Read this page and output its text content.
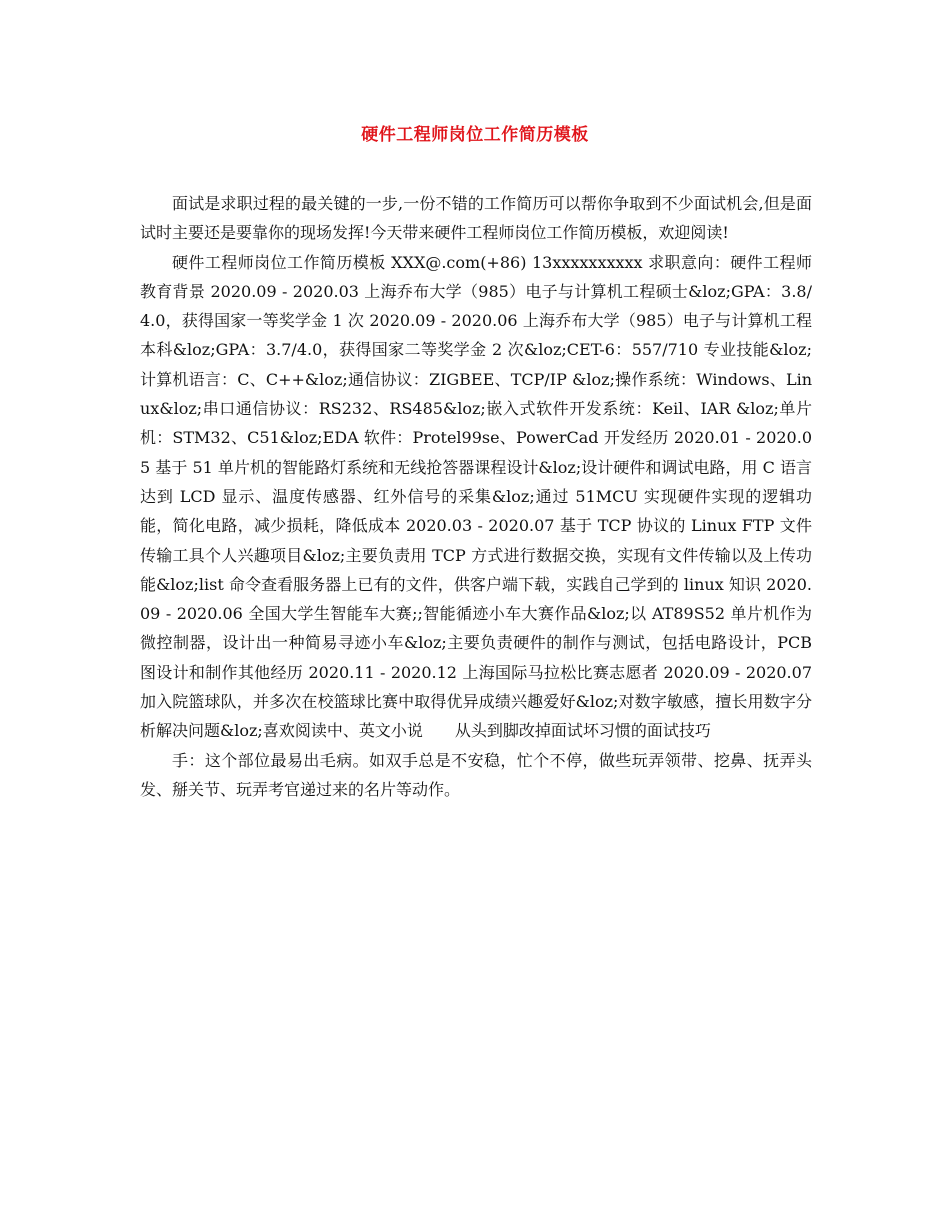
硬件工程师岗位工作简历模板

面试是求职过程的最关键的一步,一份不错的工作简历可以帮你争取到不少面试机会,但是面试时主要还是要靠你的现场发挥!今天带来硬件工程师岗位工作简历模板，欢迎阅读!

硬件工程师岗位工作简历模板 XXX@.com(+86) 13xxxxxxxxxx 求职意向：硬件工程师教育背景 2020.09 - 2020.03 上海乔布大学（985）电子与计算机工程硕士&loz;GPA：3.8/4.0，获得国家一等奖学金 1 次 2020.09 - 2020.06 上海乔布大学（985）电子与计算机工程本科&loz;GPA：3.7/4.0，获得国家二等奖学金 2 次&loz;CET-6：557/710 专业技能&loz;计算机语言：C、C++&loz;通信协议：ZIGBEE、TCP/IP &loz;操作系统：Windows、Linux&loz;串口通信协议：RS232、RS485&loz;嵌入式软件开发系统：Keil、IAR &loz;单片机：STM32、C51&loz;EDA 软件：Protel99se、PowerCad 开发经历 2020.01 - 2020.05 基于 51 单片机的智能路灯系统和无线抢答器课程设计&loz;设计硬件和调试电路，用 C 语言达到 LCD 显示、温度传感器、红外信号的采集&loz;通过 51MCU 实现硬件实现的逻辑功能，简化电路，减少损耗，降低成本 2020.03 - 2020.07 基于 TCP 协议的 Linux FTP 文件传输工具个人兴趣项目&loz;主要负责用 TCP 方式进行数据交换，实现有文件传输以及上传功能&loz;list 命令查看服务器上已有的文件，供客户端下载，实践自己学到的 linux 知识 2020.09 - 2020.06 全国大学生智能车大赛;;智能循迹小车大赛作品&loz;以 AT89S52 单片机作为微控制器，设计出一种简易寻迹小车&loz;主要负责硬件的制作与测试，包括电路设计，PCB 图设计和制作其他经历 2020.11 - 2020.12 上海国际马拉松比赛志愿者 2020.09 - 2020.07 加入院篮球队，并多次在校篮球比赛中取得优异成绩兴趣爱好&loz;对数字敏感，擅长用数字分析解决问题&loz;喜欢阅读中、英文小说　　从头到脚改掉面试坏习惯的面试技巧

手：这个部位最易出毛病。如双手总是不安稳，忙个不停，做些玩弄领带、挖鼻、抚弄头发、掰关节、玩弄考官递过来的名片等动作。
